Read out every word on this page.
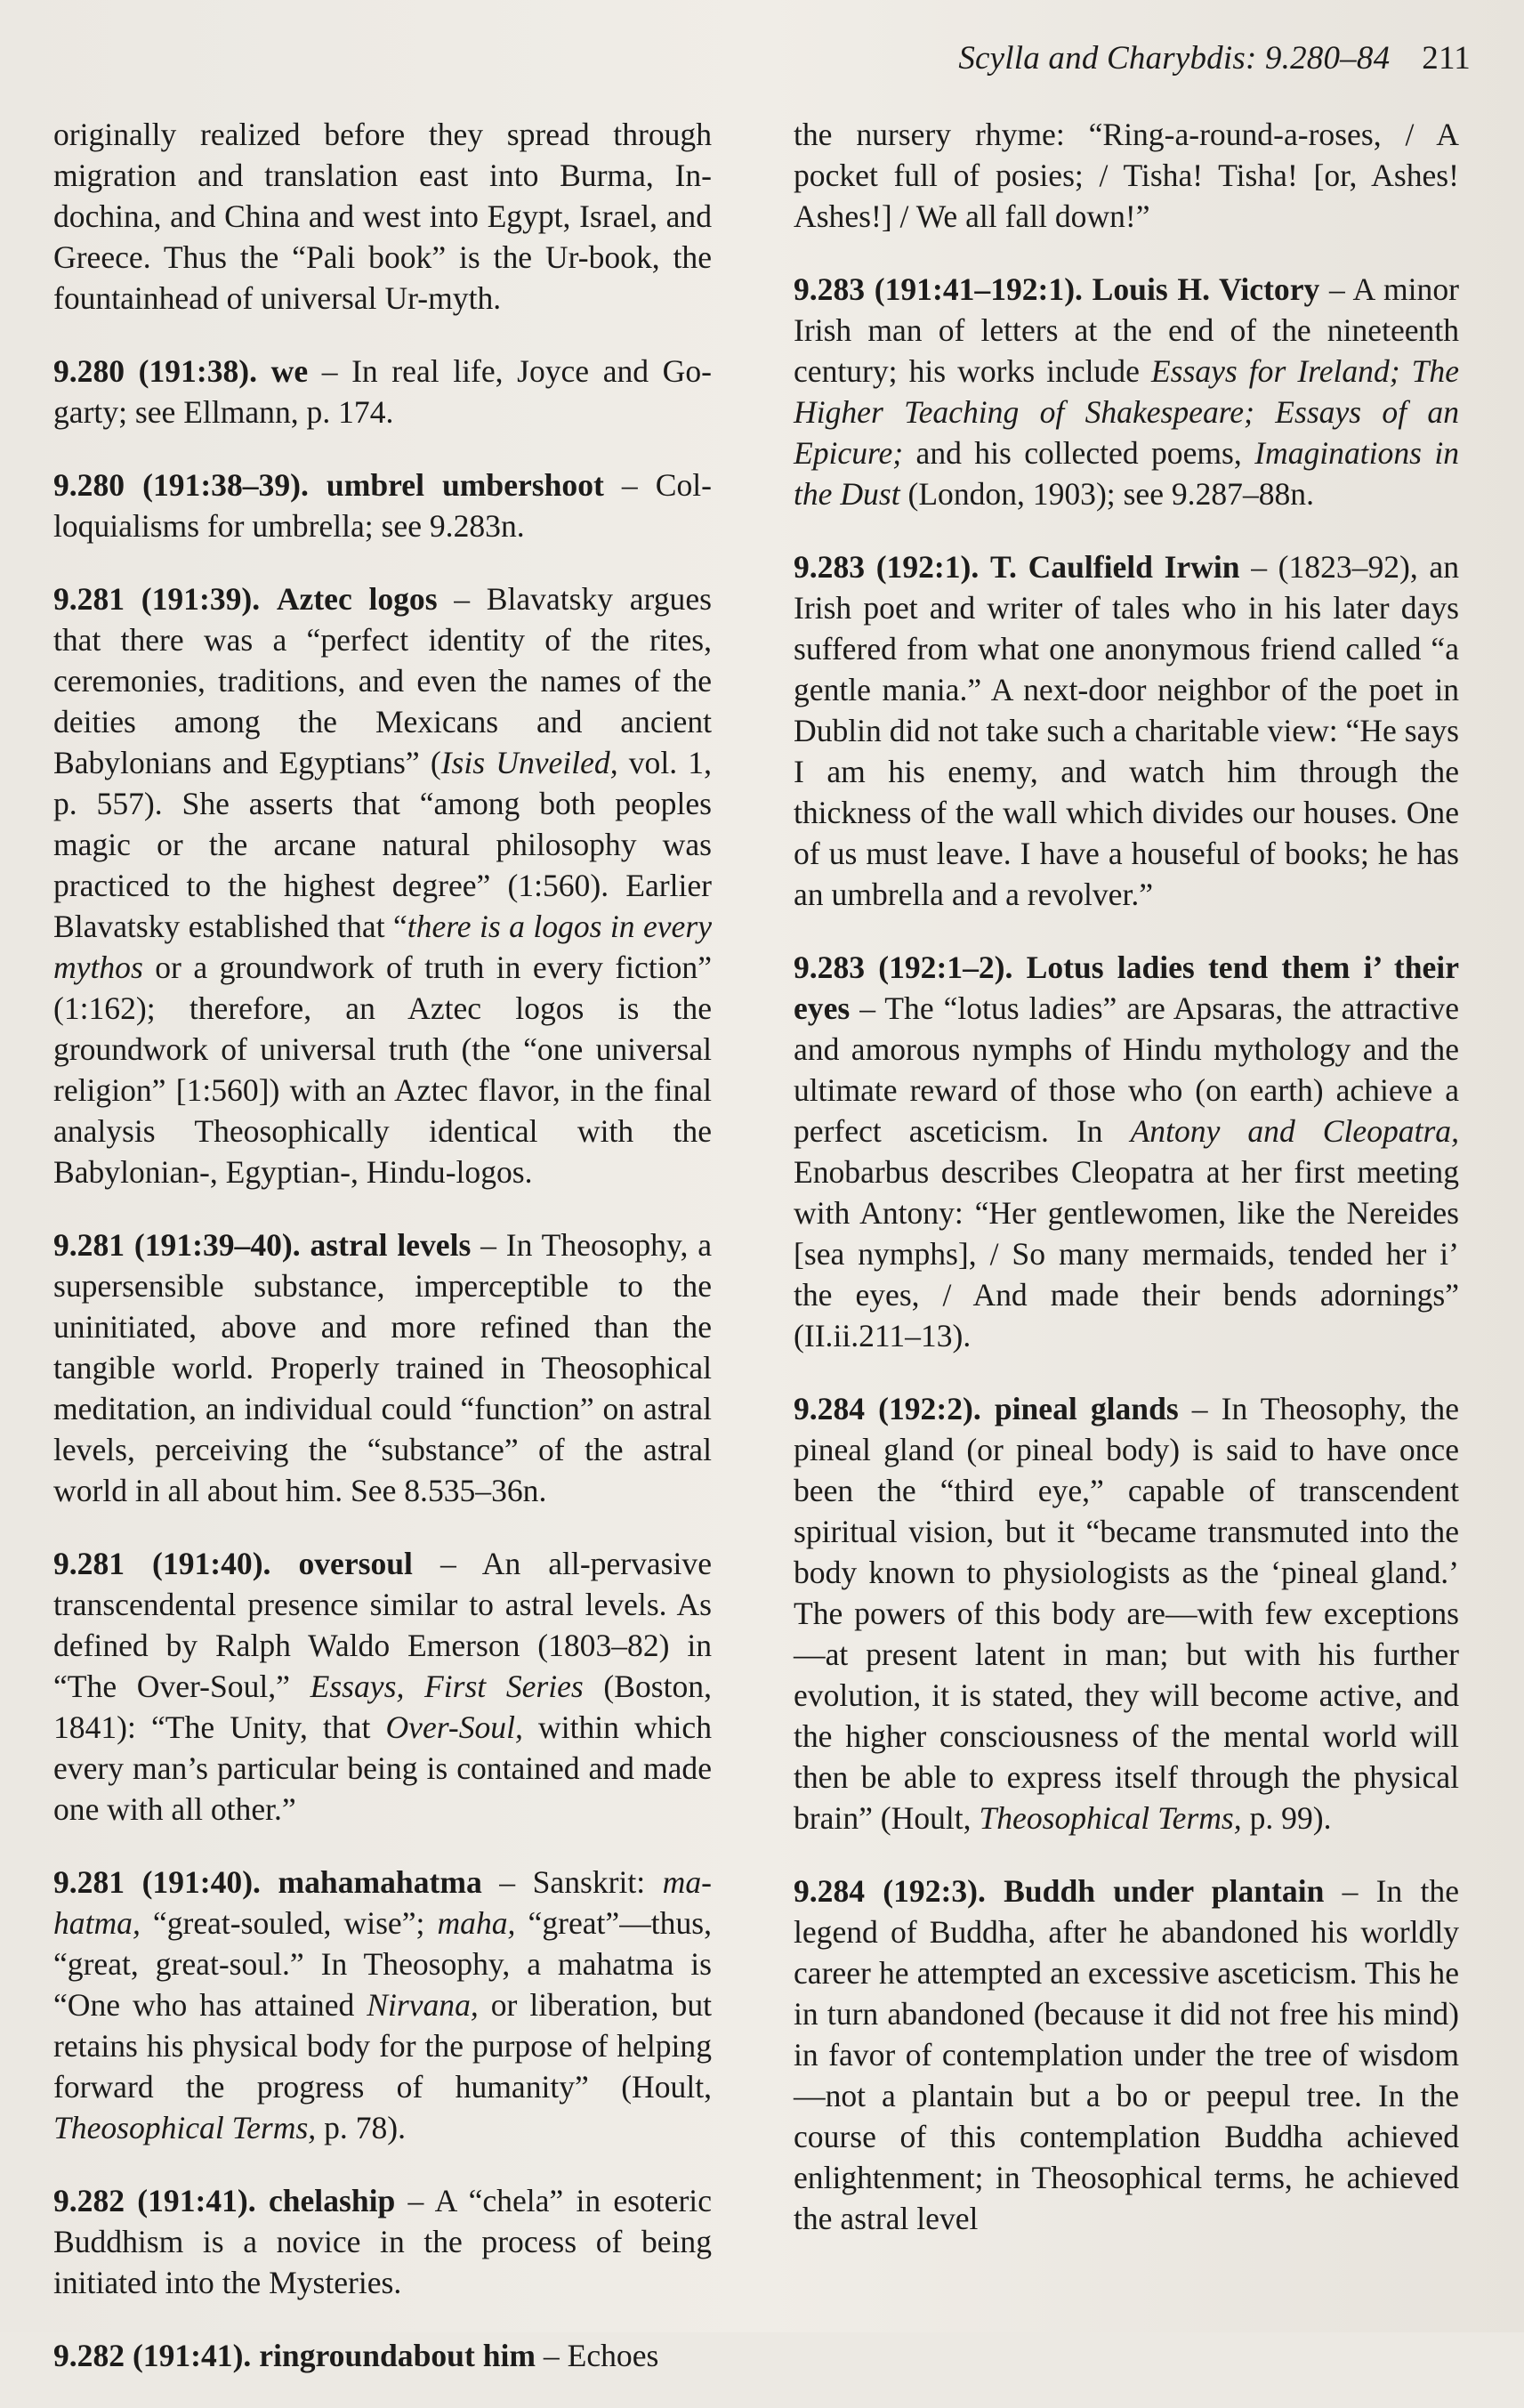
Scylla and Charybdis: 9.280–84 211

originally realized before they spread through migration and translation east into Burma, Indochina, and China and west into Egypt, Israel, and Greece. Thus the “Pali book” is the Ur-book, the fountainhead of universal Ur-myth.

9.280 (191:38). we – In real life, Joyce and Gogarty; see Ellmann, p. 174.

9.280 (191:38–39). umbrel umbershoot – Colloquialisms for umbrella; see 9.283n.

9.281 (191:39). Aztec logos – Blavatsky argues that there was a “perfect identity of the rites, ceremonies, traditions, and even the names of the deities among the Mexicans and ancient Babylonians and Egyptians” (Isis Unveiled, vol. 1, p. 557). She asserts that “among both peoples magic or the arcane natural philosophy was practiced to the highest degree” (1:560). Earlier Blavatsky established that “there is a logos in every mythos or a groundwork of truth in every fiction” (1:162); therefore, an Aztec logos is the groundwork of universal truth (the “one universal religion” [1:560]) with an Aztec flavor, in the final analysis Theosophically identical with the Babylonian-, Egyptian-, Hindu-logos.

9.281 (191:39–40). astral levels – In Theosophy, a supersensible substance, imperceptible to the uninitiated, above and more refined than the tangible world. Properly trained in Theosophical meditation, an individual could “function” on astral levels, perceiving the “substance” of the astral world in all about him. See 8.535–36n.

9.281 (191:40). oversoul – An all-pervasive transcendental presence similar to astral levels. As defined by Ralph Waldo Emerson (1803–82) in “The Over-Soul,” Essays, First Series (Boston, 1841): “The Unity, that Over-Soul, within which every man’s particular being is contained and made one with all other.”

9.281 (191:40). mahamahatma – Sanskrit: mahatma, “great-souled, wise”; maha, “great”—thus, “great, great-soul.” In Theosophy, a mahatma is “One who has attained Nirvana, or liberation, but retains his physical body for the purpose of helping forward the progress of humanity” (Hoult, Theosophical Terms, p. 78).

9.282 (191:41). chelaship – A “chela” in esoteric Buddhism is a novice in the process of being initiated into the Mysteries.

9.282 (191:41). ringroundabout him – Echoes

the nursery rhyme: “Ring-a-round-a-roses, / A pocket full of posies; / Tisha! Tisha! [or, Ashes! Ashes!] / We all fall down!”

9.283 (191:41–192:1). Louis H. Victory – A minor Irish man of letters at the end of the nineteenth century; his works include Essays for Ireland; The Higher Teaching of Shakespeare; Essays of an Epicure; and his collected poems, Imaginations in the Dust (London, 1903); see 9.287–88n.

9.283 (192:1). T. Caulfield Irwin – (1823–92), an Irish poet and writer of tales who in his later days suffered from what one anonymous friend called “a gentle mania.” A next-door neighbor of the poet in Dublin did not take such a charitable view: “He says I am his enemy, and watch him through the thickness of the wall which divides our houses. One of us must leave. I have a houseful of books; he has an umbrella and a revolver.”

9.283 (192:1–2). Lotus ladies tend them i’ their eyes – The “lotus ladies” are Apsaras, the attractive and amorous nymphs of Hindu mythology and the ultimate reward of those who (on earth) achieve a perfect asceticism. In Antony and Cleopatra, Enobarbus describes Cleopatra at her first meeting with Antony: “Her gentlewomen, like the Nereides [sea nymphs], / So many mermaids, tended her i’ the eyes, / And made their bends adornings” (II.ii.211–13).

9.284 (192:2). pineal glands – In Theosophy, the pineal gland (or pineal body) is said to have once been the “third eye,” capable of transcendent spiritual vision, but it “became transmuted into the body known to physiologists as the ‘pineal gland.’ The powers of this body are—with few exceptions—at present latent in man; but with his further evolution, it is stated, they will become active, and the higher consciousness of the mental world will then be able to express itself through the physical brain” (Hoult, Theosophical Terms, p. 99).

9.284 (192:3). Buddh under plantain – In the legend of Buddha, after he abandoned his worldly career he attempted an excessive asceticism. This he in turn abandoned (because it did not free his mind) in favor of contemplation under the tree of wisdom—not a plantain but a bo or peepul tree. In the course of this contemplation Buddha achieved enlightenment; in Theosophical terms, he achieved the astral level
